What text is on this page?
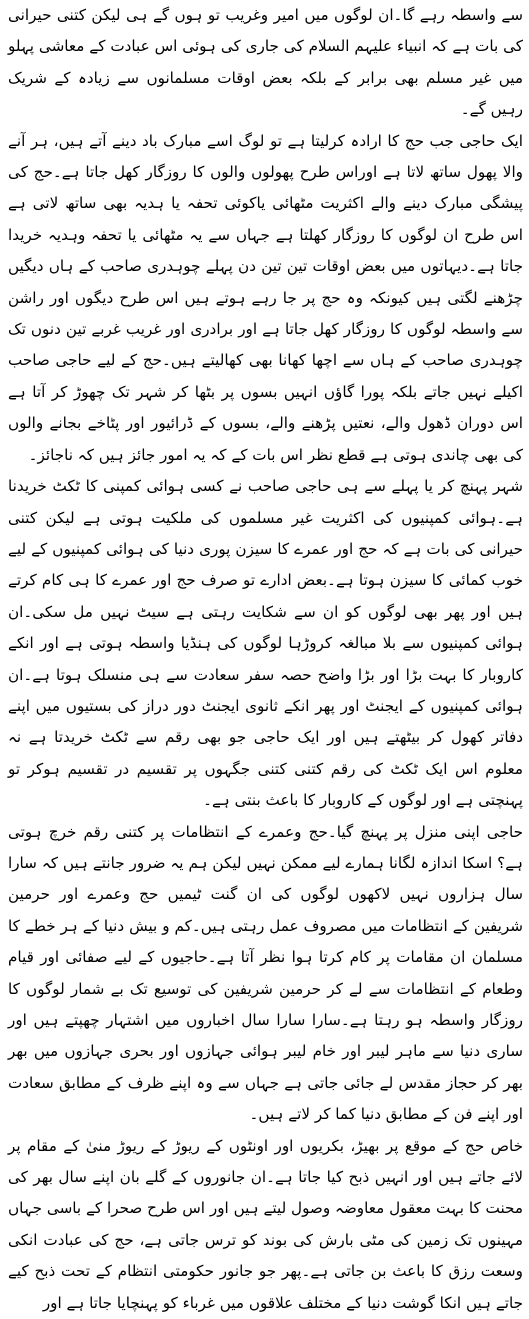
سے واسطہ رہے گا۔ان لوگوں میں امیر وغریب تو ہوں گے ہی لیکن کتنی حیرانی کی بات ہے کہ انبیاء علیہم السلام کی جاری کی ہوئی اس عبادت کے معاشی پہلو میں غیر مسلم بھی برابر کے بلکہ بعض اوقات مسلمانوں سے زیادہ کے شریک رہیں گے۔

ایک حاجی جب حج کا ارادہ کرلیتا ہے تو لوگ اسے مبارک باد دینے آتے ہیں، ہر آنے والا پھول ساتھ لاتا ہے اوراس طرح پھولوں والوں کا روزگار کھل جاتا ہے۔حج کی پیشگی مبارک دینے والے اکثریت مٹھائی یاکوئی تحفہ یا ہدیہ بھی ساتھ لاتی ہے اس طرح ان لوگوں کا روزگار کھلتا ہے جہاں سے یہ مٹھائی یا تحفہ وہدیہ خریدا جاتا ہے۔دیہاتوں میں بعض اوقات تین تین دن پہلے چوہدری صاحب کے ہاں دیگیں چڑھنے لگتی ہیں کیونکہ وہ حج پر جا رہے ہوتے ہیں اس طرح دیگوں اور راشن سے واسطہ لوگوں کا روزگار کھل جاتا ہے اور برادری اور غریب غربے تین دنوں تک چوہدری صاحب کے ہاں سے اچھا کھانا بھی کھالیتے ہیں۔حج کے لیے حاجی صاحب اکیلے نہیں جاتے بلکہ پورا گاؤں انہیں بسوں پر بٹھا کر شہر تک چھوڑ کر آتا ہے اس دوران ڈھول والے، نعتیں پڑھنے والے، بسوں کے ڈرائیور اور پٹاخے بجانے والوں کی بھی چاندی ہوتی ہے قطع نظر اس بات کے کہ یہ امور جائز ہیں کہ ناجائز۔

شہر پہنچ کر یا پہلے سے ہی حاجی صاحب نے کسی ہوائی کمپنی کا ٹکٹ خریدنا ہے۔ہوائی کمپنیوں کی اکثریت غیر مسلموں کی ملکیت ہوتی ہے لیکن کتنی حیرانی کی بات ہے کہ حج اور عمرے کا سیزن پوری دنیا کی ہوائی کمپنیوں کے لیے خوب کمائی کا سیزن ہوتا ہے۔بعض ادارے تو صرف حج اور عمرے کا ہی کام کرتے ہیں اور پھر بھی لوگوں کو ان سے شکایت رہتی ہے سیٹ نہیں مل سکی۔ان ہوائی کمپنیوں سے بلا مبالغہ کروڑہا لوگوں کی ہنڈیا واسطہ ہوتی ہے اور انکے کاروبار کا بہت بڑا اور بڑا واضح حصہ سفر سعادت سے ہی منسلک ہوتا ہے۔ان ہوائی کمپنیوں کے ایجنٹ اور پھر انکے ثانوی ایجنٹ دور دراز کی بستیوں میں اپنے دفاتر کھول کر بیٹھتے ہیں اور ایک حاجی جو بھی رقم سے ٹکٹ خریدتا ہے نہ معلوم اس ایک ٹکٹ کی رقم کتنی کتنی جگہوں پر تقسیم در تقسیم ہوکر تو پہنچتی ہے اور لوگوں کے کاروبار کا باعث بنتی ہے۔

حاجی اپنی منزل پر پہنچ گیا۔حج وعمرے کے انتظامات پر کتنی رقم خرچ ہوتی ہے؟ اسکا اندازہ لگانا ہمارے لیے ممکن نہیں لیکن ہم یہ ضرور جانتے ہیں کہ سارا سال ہزاروں نہیں لاکھوں لوگوں کی ان گنت ٹیمیں حج وعمرے اور حرمین شریفین کے انتظامات میں مصروف عمل رہتی ہیں۔کم و بیش دنیا کے ہر خطے کا مسلمان ان مقامات پر کام کرتا ہوا نظر آتا ہے۔حاجیوں کے لیے صفائی اور قیام وطعام کے انتظامات سے لے کر حرمین شریفین کی توسیع تک بے شمار لوگوں کا روزگار واسطہ ہو رہتا ہے۔سارا سارا سال اخباروں میں اشتہار چھپتے ہیں اور ساری دنیا سے ماہر لیبر اور خام لیبر ہوائی جہازوں اور بحری جہازوں میں بھر بھر کر حجاز مقدس لے جائی جاتی ہے جہاں سے وہ اپنے ظرف کے مطابق سعادت اور اپنے فن کے مطابق دنیا کما کر لاتے ہیں۔

خاص حج کے موقع پر بھیڑ، بکریوں اور اونٹوں کے ریوڑ کے ریوڑ منیٰ کے مقام پر لائے جاتے ہیں اور انہیں ذبح کیا جاتا ہے۔ان جانوروں کے گلے بان اپنے سال بھر کی محنت کا بہت معقول معاوضہ وصول لیتے ہیں اور اس طرح صحرا کے باسی جہاں مہینوں تک زمین کی مٹی بارش کی بوند کو ترس جاتی ہے، حج کی عبادت انکی وسعت رزق کا باعث بن جاتی ہے۔پھر جو جانور حکومتی انتظام کے تحت ذبح کیے جاتے ہیں انکا گوشت دنیا کے مختلف علاقوں میں غرباء کو پہنچایا جاتا ہے اور
